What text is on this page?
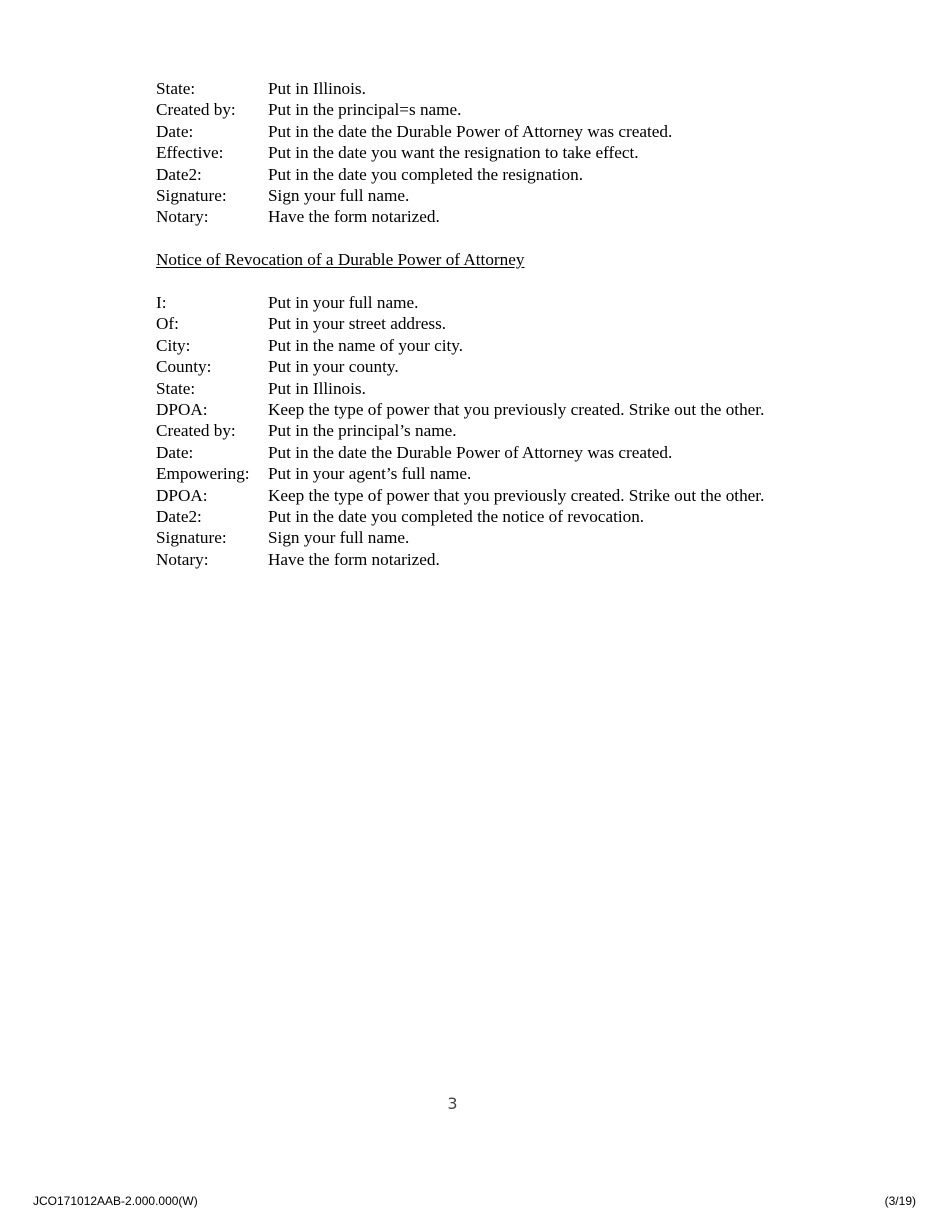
State:	Put in Illinois.
Created by:	Put in the principal=s name.
Date:	Put in the date the Durable Power of Attorney was created.
Effective:	Put in the date you want the resignation to take effect.
Date2:	Put in the date you completed the resignation.
Signature:	Sign your full name.
Notary:	Have the form notarized.
Notice of Revocation of a Durable Power of Attorney
I:	Put in your full name.
Of:	Put in your street address.
City:	Put in the name of your city.
County:	Put in your county.
State:	Put in Illinois.
DPOA:	Keep the type of power that you previously created. Strike out the other.
Created by:	Put in the principal’s name.
Date:	Put in the date the Durable Power of Attorney was created.
Empowering:	Put in your agent’s full name.
DPOA:	Keep the type of power that you previously created. Strike out the other.
Date2:	Put in the date you completed the notice of revocation.
Signature:	Sign your full name.
Notary:	Have the form notarized.
3
JCO171012AAB-2.000.000(W)	(3/19)
